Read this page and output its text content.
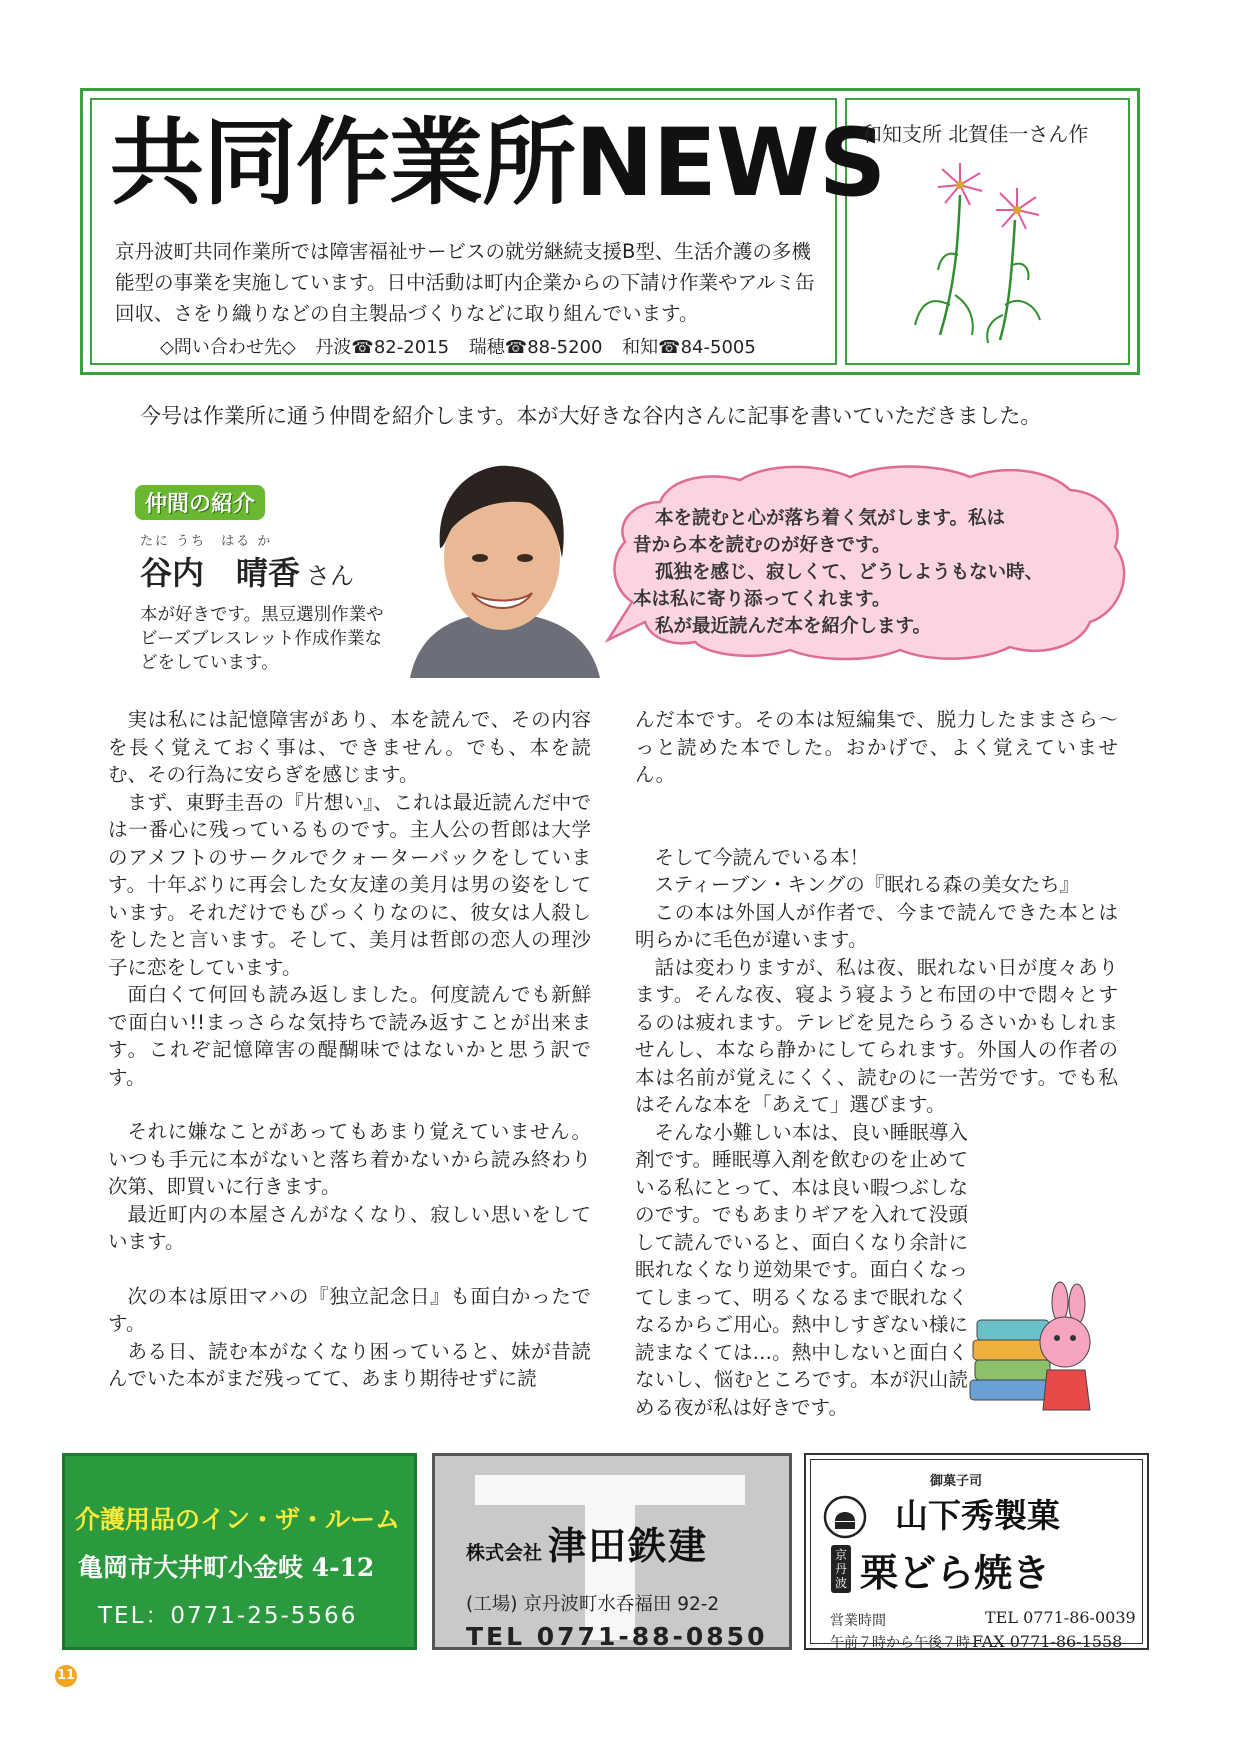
共同作業所NEWS
京丹波町共同作業所では障害福祉サービスの就労継続支援B型、生活介護の多機能型の事業を実施しています。日中活動は町内企業からの下請け作業やアルミ缶回収、さをり織りなどの自主製品づくりなどに取り組んでいます。
◇問い合わせ先◇ 丹波☎82-2015 瑞穂☎88-5200 和知☎84-5005
和知支所 北賀佳一さん作
今号は作業所に通う仲間を紹介します。本が大好きな谷内さんに記事を書いていただきました。
仲間の紹介
たに うち　はる か
谷内　晴香 さん
本が好きです。黒豆選別作業やビーズブレスレット作成作業などをしています。

本を読むと心が落ち着く気がします。私は

昔から本を読むのが好きです。

孤独を感じ、寂しくて、どうしようもない時、

本は私に寄り添ってくれます。

私が最近読んだ本を紹介します。

実は私には記憶障害があり、本を読んで、その内容を長く覚えておく事は、できません。でも、本を読む、その行為に安らぎを感じます。

まず、東野圭吾の『片想い』、これは最近読んだ中では一番心に残っているものです。主人公の哲郎は大学のアメフトのサークルでクォーターバックをしています。十年ぶりに再会した女友達の美月は男の姿をしています。それだけでもびっくりなのに、彼女は人殺しをしたと言います。そして、美月は哲郎の恋人の理沙子に恋をしています。

面白くて何回も読み返しました。何度読んでも新鮮で面白い!!まっさらな気持ちで読み返すことが出来ます。これぞ記憶障害の醍醐味ではないかと思う訳です。

それに嫌なことがあってもあまり覚えていません。いつも手元に本がないと落ち着かないから読み終わり次第、即買いに行きます。

最近町内の本屋さんがなくなり、寂しい思いをしています。

次の本は原田マハの『独立記念日』も面白かったです。

ある日、読む本がなくなり困っていると、妹が昔読んでいた本がまだ残ってて、あまり期待せずに読

んだ本です。その本は短編集で、脱力したままさら～っと読めた本でした。おかげで、よく覚えていません。

そして今読んでいる本！

スティーブン・キングの『眠れる森の美女たち』

この本は外国人が作者で、今まで読んできた本とは明らかに毛色が違います。

話は変わりますが、私は夜、眠れない日が度々あります。そんな夜、寝よう寝ようと布団の中で悶々とするのは疲れます。テレビを見たらうるさいかもしれませんし、本なら静かにしてられます。外国人の作者の本は名前が覚えにくく、読むのに一苦労です。でも私はそんな本を「あえて」選びます。

そんな小難しい本は、良い睡眠導入剤です。睡眠導入剤を飲むのを止めている私にとって、本は良い暇つぶしなのです。でもあまりギアを入れて没頭して読んでいると、面白くなり余計に眠れなくなり逆効果です。面白くなってしまって、明るくなるまで眠れなくなるからご用心。熱中しすぎない様に読まなくては…。熱中しないと面白くないし、悩むところです。本が沢山読める夜が私は好きです。

介護用品のイン・ザ・ルーム
亀岡市大井町小金岐 4-12
TEL：0771-25-5566
株式会社 津田鉄建
(工場) 京丹波町水呑福田 92-2
TEL 0771-88-0850
御菓子司
山下秀製菓
京丹波 栗どら焼き
営業時間
午前７時から午後７時
TEL 0771-86-0039
FAX 0771-86-1558
11
